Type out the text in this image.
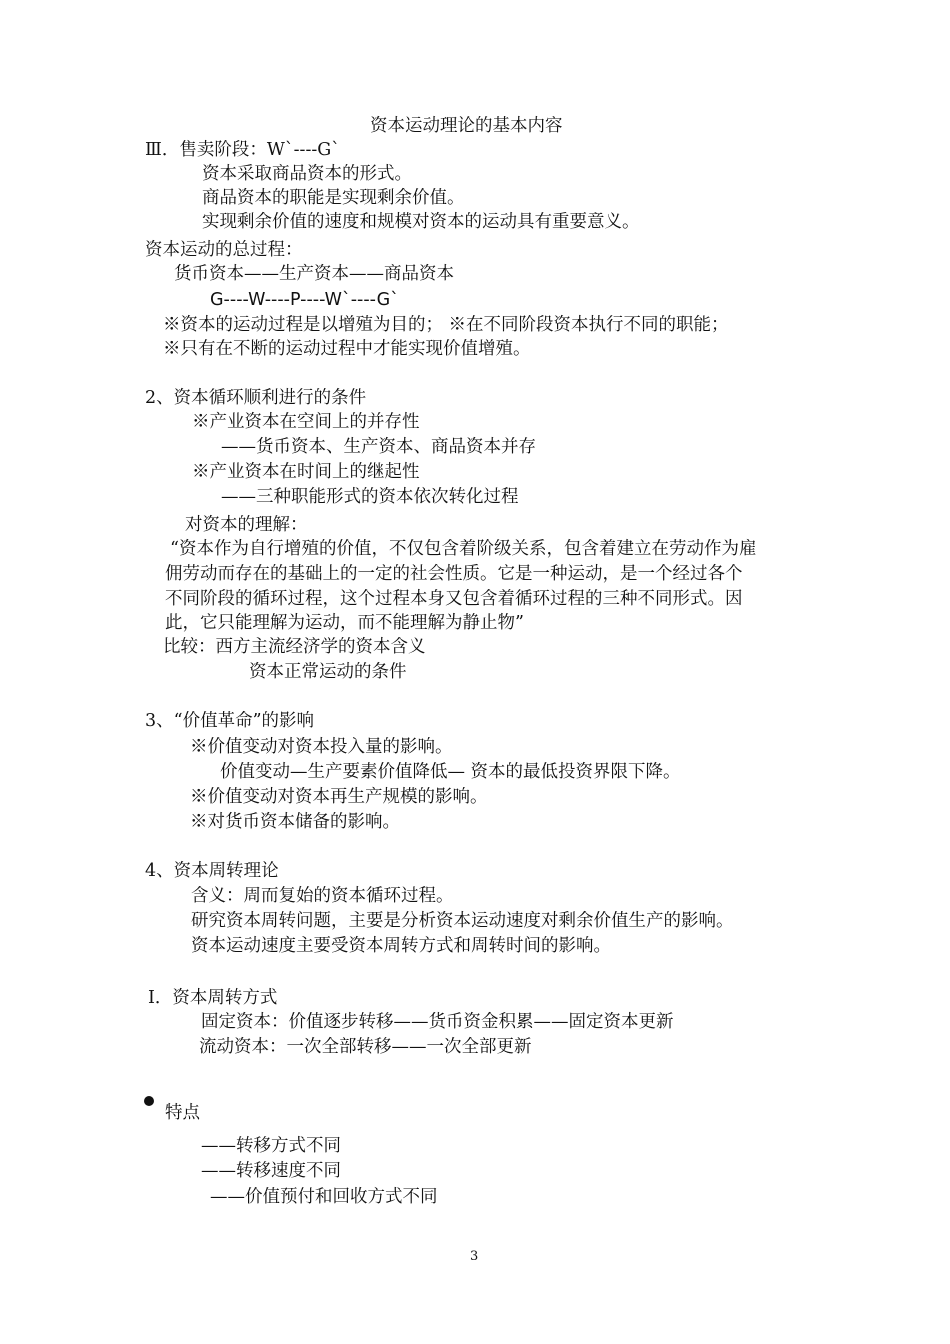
资本运动理论的基本内容
Ⅲ．售卖阶段：W`----G`
资本采取商品资本的形式。
商品资本的职能是实现剩余价值。
实现剩余价值的速度和规模对资本的运动具有重要意义。
资本运动的总过程：
货币资本——生产资本——商品资本
G----W----P----W`----G`
※资本的运动过程是以增殖为目的； ※在不同阶段资本执行不同的职能；
※只有在不断的运动过程中才能实现价值增殖。
2、资本循环顺利进行的条件
※产业资本在空间上的并存性
——货币资本、生产资本、商品资本并存
※产业资本在时间上的继起性
——三种职能形式的资本依次转化过程
对资本的理解：
“资本作为自行增殖的价值，不仅包含着阶级关系，包含着建立在劳动作为雇
佣劳动而存在的基础上的一定的社会性质。它是一种运动，是一个经过各个
不同阶段的循环过程，这个过程本身又包含着循环过程的三种不同形式。因
此，它只能理解为运动，而不能理解为静止物”
比较：西方主流经济学的资本含义
资本正常运动的条件
3、“价值革命”的影响
※价值变动对资本投入量的影响。
价值变动—生产要素价值降低— 资本的最低投资界限下降。
※价值变动对资本再生产规模的影响。
※对货币资本储备的影响。
4、资本周转理论
含义：周而复始的资本循环过程。
研究资本周转问题，主要是分析资本运动速度对剩余价值生产的影响。
资本运动速度主要受资本周转方式和周转时间的影响。
Ⅰ．资本周转方式
固定资本：价值逐步转移——货币资金积累——固定资本更新
流动资本：一次全部转移——一次全部更新
特点
——转移方式不同
——转移速度不同
——价值预付和回收方式不同
3
